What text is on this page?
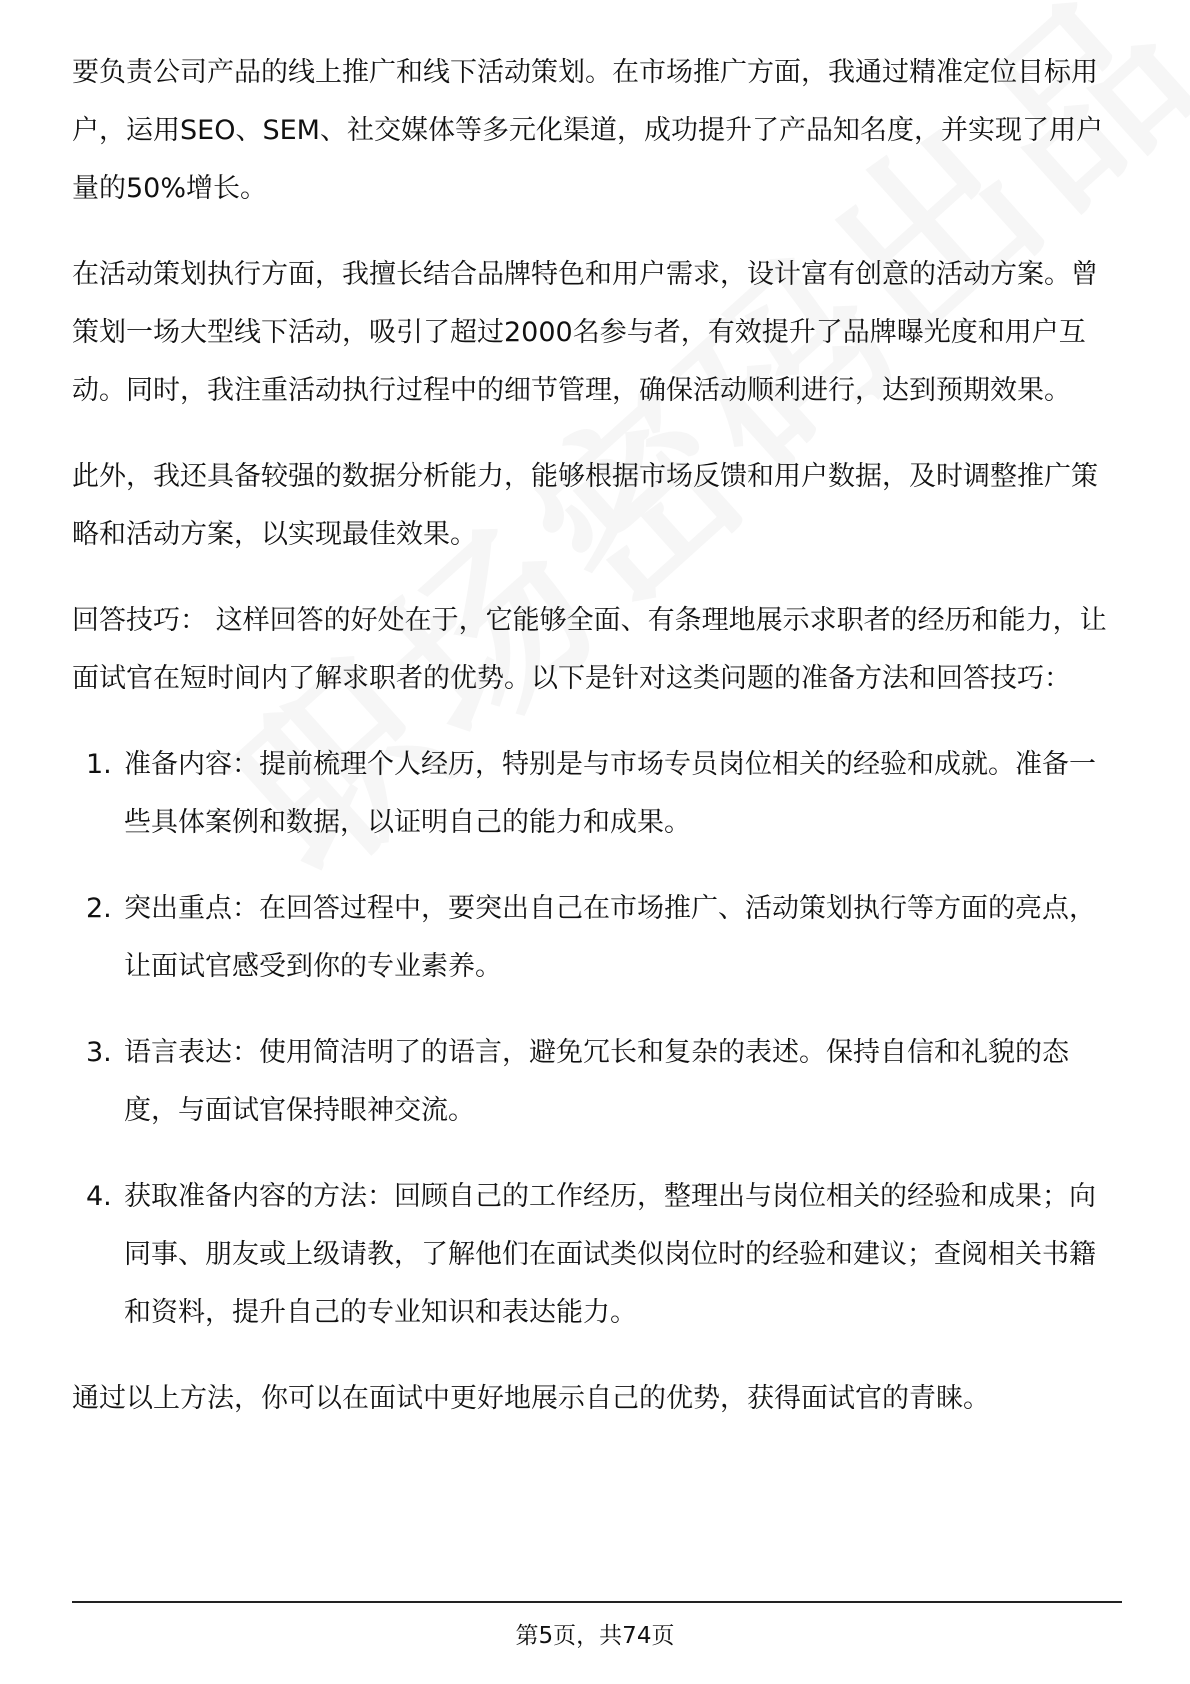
要负责公司产品的线上推广和线下活动策划。在市场推广方面，我通过精准定位目标用户，运用SEO、SEM、社交媒体等多元化渠道，成功提升了产品知名度，并实现了用户量的50%增长。

在活动策划执行方面，我擅长结合品牌特色和用户需求，设计富有创意的活动方案。曾策划一场大型线下活动，吸引了超过2000名参与者，有效提升了品牌曝光度和用户互动。同时，我注重活动执行过程中的细节管理，确保活动顺利进行，达到预期效果。

此外，我还具备较强的数据分析能力，能够根据市场反馈和用户数据，及时调整推广策略和活动方案，以实现最佳效果。

回答技巧： 这样回答的好处在于，它能够全面、有条理地展示求职者的经历和能力，让面试官在短时间内了解求职者的优势。以下是针对这类问题的准备方法和回答技巧：

1. 准备内容：提前梳理个人经历，特别是与市场专员岗位相关的经验和成就。准备一些具体案例和数据，以证明自己的能力和成果。

2. 突出重点：在回答过程中，要突出自己在市场推广、活动策划执行等方面的亮点，让面试官感受到你的专业素养。

3. 语言表达：使用简洁明了的语言，避免冗长和复杂的表述。保持自信和礼貌的态度，与面试官保持眼神交流。

4. 获取准备内容的方法：回顾自己的工作经历，整理出与岗位相关的经验和成果；向同事、朋友或上级请教，了解他们在面试类似岗位时的经验和建议；查阅相关书籍和资料，提升自己的专业知识和表达能力。

通过以上方法，你可以在面试中更好地展示自己的优势，获得面试官的青睐。

第5页，共74页
